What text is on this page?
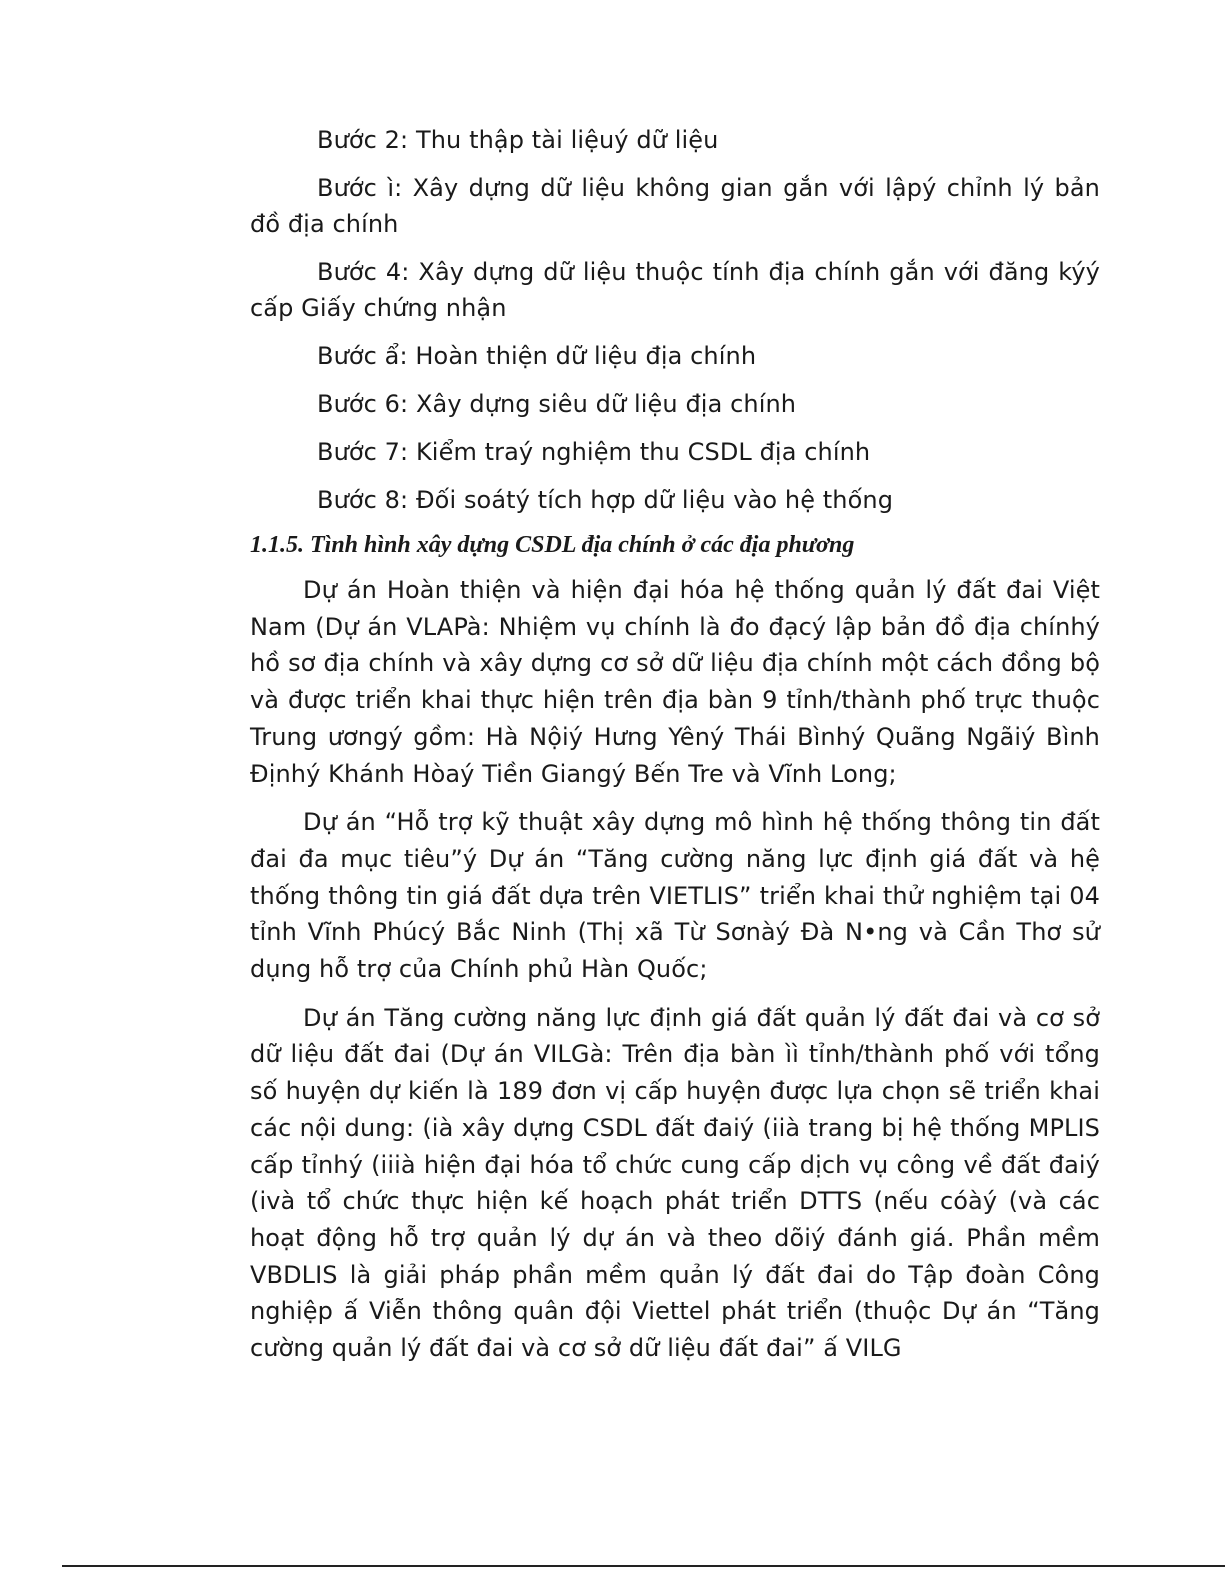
Bước 2: Thu thập tài liệuý dữ liệu

Bước ì: Xây dựng dữ liệu không gian gắn với lậpý chỉnh lý bản đồ địa chính

Bước 4: Xây dựng dữ liệu thuộc tính địa chính gắn với đăng kýý cấp Giấy chứng nhận

Bước ẩ: Hoàn thiện dữ liệu địa chính

Bước 6: Xây dựng siêu dữ liệu địa chính

Bước 7: Kiểm traý nghiệm thu CSDL địa chính

Bước 8: Đối soátý tích hợp dữ liệu vào hệ thống

1.1.5. Tình hình xây dựng CSDL địa chính ở các địa phương

Dự án Hoàn thiện và hiện đại hóa hệ thống quản lý đất đai Việt Nam (Dự án VLAPà: Nhiệm vụ chính là đo đạcý lập bản đồ địa chínhý hồ sơ địa chính và xây dựng cơ sở dữ liệu địa chính một cách đồng bộ và được triển khai thực hiện trên địa bàn 9 tỉnh/thành phố trực thuộc Trung ươngý gồm: Hà Nộiý Hưng Yêný Thái Bìnhý Quãng Ngãiý Bình Địnhý Khánh Hòaý Tiền Giangý Bến Tre và Vĩnh Long;

Dự án “Hỗ trợ kỹ thuật xây dựng mô hình hệ thống thông tin đất đai đa mục tiêu”ý Dự án “Tăng cường năng lực định giá đất và hệ thống thông tin giá đất dựa trên VIETLIS” triển khai thử nghiệm tại 04 tỉnh Vĩnh Phúcý Bắc Ninh (Thị xã Từ Sơnàý Đà N•ng và Cần Thơ sử dụng hỗ trợ của Chính phủ Hàn Quốc;

Dự án Tăng cường năng lực định giá đất quản lý đất đai và cơ sở dữ liệu đất đai (Dự án VILGà: Trên địa bàn ìì tỉnh/thành phố với tổng số huyện dự kiến là 189 đơn vị cấp huyện được lựa chọn sẽ triển khai các nội dung: (ià xây dựng CSDL đất đaiý (iià trang bị hệ thống MPLIS cấp tỉnhý (iiià hiện đại hóa tổ chức cung cấp dịch vụ công về đất đaiý (ivà tổ chức thực hiện kế hoạch phát triển DTTS (nếu cóàý (và các hoạt động hỗ trợ quản lý dự án và theo dõiý đánh giá. Phần mềm VBDLIS là giải pháp phần mềm quản lý đất đai do Tập đoàn Công nghiệp ấ Viễn thông quân đội Viettel phát triển (thuộc Dự án “Tăng cường quản lý đất đai và cơ sở dữ liệu đất đai” ấ VILG
